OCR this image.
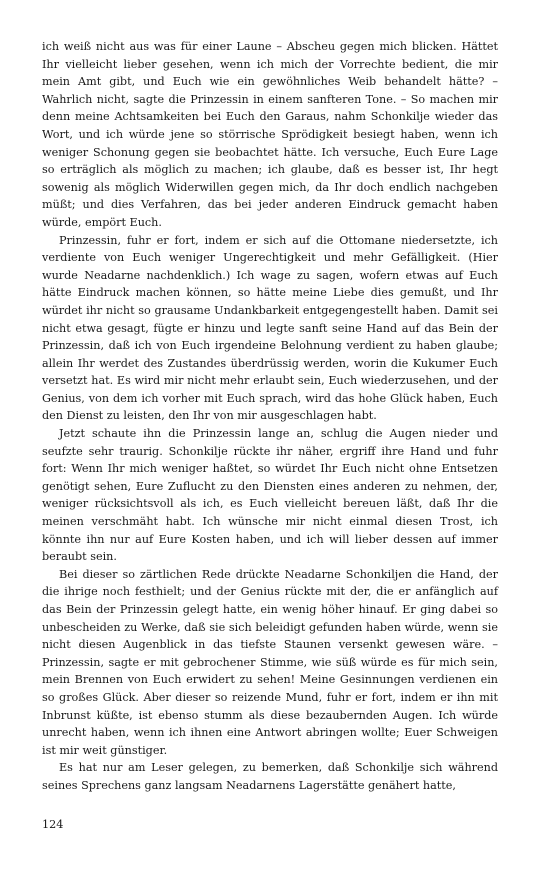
ich weiß nicht aus was für einer Laune – Abscheu gegen mich blicken. Hättet Ihr vielleicht lieber gesehen, wenn ich mich der Vorrechte bedient, die mir mein Amt gibt, und Euch wie ein gewöhnliches Weib behandelt hätte? – Wahrlich nicht, sagte die Prinzessin in einem sanfteren Tone. – So machen mir denn meine Achtsamkeiten bei Euch den Garaus, nahm Schonkilje wieder das Wort, und ich würde jene so störrische Sprödigkeit besiegt haben, wenn ich weniger Schonung gegen sie beobachtet hätte. Ich versuche, Euch Eure Lage so erträglich als möglich zu machen; ich glaube, daß es besser ist, Ihr hegt sowenig als möglich Widerwillen gegen mich, da Ihr doch endlich nachgeben müßt; und dies Verfahren, das bei jeder anderen Eindruck gemacht haben würde, empört Euch.

Prinzessin, fuhr er fort, indem er sich auf die Ottomane niedersetzte, ich verdiente von Euch weniger Ungerechtigkeit und mehr Gefälligkeit. (Hier wurde Neadarne nachdenklich.) Ich wage zu sagen, wofern etwas auf Euch hätte Eindruck machen können, so hätte meine Liebe dies gemußt, und Ihr würdet ihr nicht so grausame Undankbarkeit entgegengestellt haben. Damit sei nicht etwa gesagt, fügte er hinzu und legte sanft seine Hand auf das Bein der Prinzessin, daß ich von Euch irgendeine Belohnung verdient zu haben glaube; allein Ihr werdet des Zustandes überdrüssig werden, worin die Kukumer Euch versetzt hat. Es wird mir nicht mehr erlaubt sein, Euch wiederzusehen, und der Genius, von dem ich vorher mit Euch sprach, wird das hohe Glück haben, Euch den Dienst zu leisten, den Ihr von mir ausgeschlagen habt.

Jetzt schaute ihn die Prinzessin lange an, schlug die Augen nieder und seufzte sehr traurig. Schonkilje rückte ihr näher, ergriff ihre Hand und fuhr fort: Wenn Ihr mich weniger haßtet, so würdet Ihr Euch nicht ohne Entsetzen genötigt sehen, Eure Zuflucht zu den Diensten eines anderen zu nehmen, der, weniger rücksichtsvoll als ich, es Euch vielleicht bereuen läßt, daß Ihr die meinen verschmäht habt. Ich wünsche mir nicht einmal diesen Trost, ich könnte ihn nur auf Eure Kosten haben, und ich will lieber dessen auf immer beraubt sein.

Bei dieser so zärtlichen Rede drückte Neadarne Schonkiljen die Hand, der die ihrige noch festhielt; und der Genius rückte mit der, die er anfänglich auf das Bein der Prinzessin gelegt hatte, ein wenig höher hinauf. Er ging dabei so unbescheiden zu Werke, daß sie sich beleidigt gefunden haben würde, wenn sie nicht diesen Augenblick in das tiefste Staunen versenkt gewesen wäre. – Prinzessin, sagte er mit gebrochener Stimme, wie süß würde es für mich sein, mein Brennen von Euch erwidert zu sehen! Meine Gesinnungen verdienen ein so großes Glück. Aber dieser so reizende Mund, fuhr er fort, indem er ihn mit Inbrunst küßte, ist ebenso stumm als diese bezaubernden Augen. Ich würde unrecht haben, wenn ich ihnen eine Antwort abringen wollte; Euer Schweigen ist mir weit günstiger.

Es hat nur am Leser gelegen, zu bemerken, daß Schonkilje sich während seines Sprechens ganz langsam Neadarnens Lagerstätte genähert hatte,

124
